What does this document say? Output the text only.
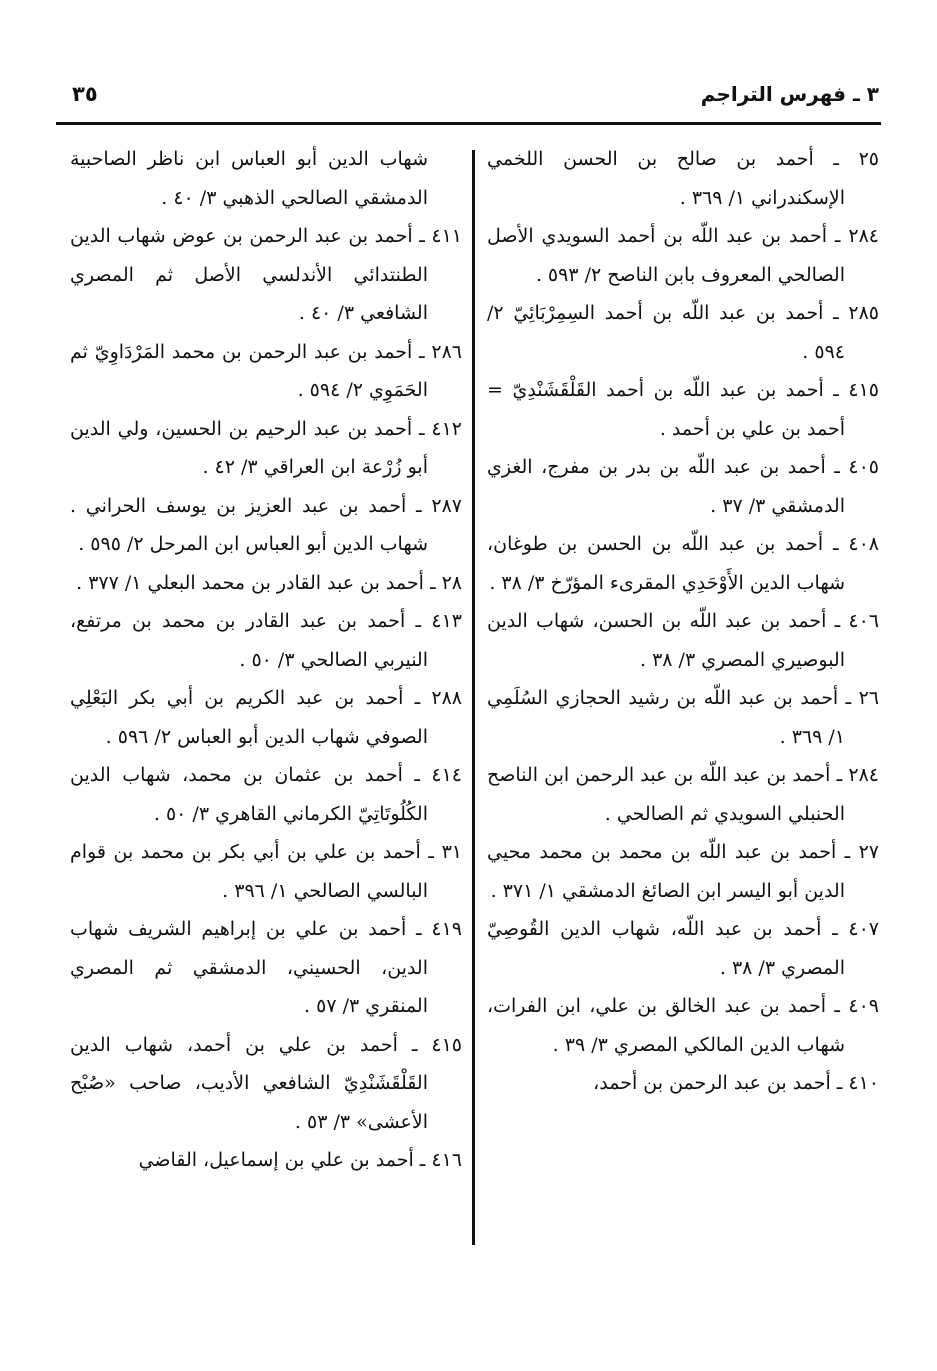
٣٥	٣ ـ فهرس التراجم

٢٥ ـ أحمد بن صالح بن الحسن اللخمي الإسكندراني ١/ ٣٦٩ .

٢٨٤ ـ أحمد بن عبد اللّه بن أحمد السويدي الأصل الصالحي المعروف بابن الناصح ٢/ ٥٩٣ .

٢٨٥ ـ أحمد بن عبد اللّه بن أحمد السِمِرْبَائِيّ ٢/ ٥٩٤ .

٤١٥ ـ أحمد بن عبد اللّه بن أحمد القَلْقَشَنْدِيّ = أحمد بن علي بن أحمد .

٤٠٥ ـ أحمد بن عبد اللّه بن بدر بن مفرج، الغزي الدمشقي ٣/ ٣٧ .

٤٠٨ ـ أحمد بن عبد اللّه بن الحسن بن طوغان، شهاب الدين الأَوْحَدِي المقرىء المؤرّخ ٣/ ٣٨ .

٤٠٦ ـ أحمد بن عبد اللّه بن الحسن، شهاب الدين البوصيري المصري ٣/ ٣٨ .

٢٦ ـ أحمد بن عبد اللّه بن رشيد الحجازي السُلَمِي ١/ ٣٦٩ .

٢٨٤ ـ أحمد بن عبد اللّه بن عبد الرحمن ابن الناصح الحنبلي السويدي ثم الصالحي .

٢٧ ـ أحمد بن عبد اللّه بن محمد بن محمد محيي الدين أبو اليسر ابن الصائغ الدمشقي ١/ ٣٧١ .

٤٠٧ ـ أحمد بن عبد اللّه، شهاب الدين القُوصِيّ المصري ٣/ ٣٨ .

٤٠٩ ـ أحمد بن عبد الخالق بن علي، ابن الفرات، شهاب الدين المالكي المصري ٣/ ٣٩ .

٤١٠ ـ أحمد بن عبد الرحمن بن أحمد،

شهاب الدين أبو العباس ابن ناظر الصاحبية الدمشقي الصالحي الذهبي ٣/ ٤٠ .

٤١١ ـ أحمد بن عبد الرحمن بن عوض شهاب الدين الطنتدائي الأندلسي الأصل ثم المصري الشافعي ٣/ ٤٠ .

٢٨٦ ـ أحمد بن عبد الرحمن بن محمد المَرْدَاوِيّ ثم الحَمَوِي ٢/ ٥٩٤ .

٤١٢ ـ أحمد بن عبد الرحيم بن الحسين، ولي الدين أبو زُرْعة ابن العراقي ٣/ ٤٢ .

٢٨٧ ـ أحمد بن عبد العزيز بن يوسف الحراني . شهاب الدين أبو العباس ابن المرحل ٢/ ٥٩٥ .

٢٨ ـ أحمد بن عبد القادر بن محمد البعلي ١/ ٣٧٧ .

٤١٣ ـ أحمد بن عبد القادر بن محمد بن مرتفع، النيربي الصالحي ٣/ ٥٠ .

٢٨٨ ـ أحمد بن عبد الكريم بن أبي بكر البَعْلِي الصوفي شهاب الدين أبو العباس ٢/ ٥٩٦ .

٤١٤ ـ أحمد بن عثمان بن محمد، شهاب الدين الكُلُوتَاتِيّ الكرماني القاهري ٣/ ٥٠ .

٣١ ـ أحمد بن علي بن أبي بكر بن محمد بن قوام البالسي الصالحي ١/ ٣٩٦ .

٤١٩ ـ أحمد بن علي بن إبراهيم الشريف شهاب الدين، الحسيني، الدمشقي ثم المصري المنقري ٣/ ٥٧ .

٤١٥ ـ أحمد بن علي بن أحمد، شهاب الدين القَلْقَشَنْدِيّ الشافعي الأديب، صاحب «صُبْح الأعشى» ٣/ ٥٣ .

٤١٦ ـ أحمد بن علي بن إسماعيل، القاضي
